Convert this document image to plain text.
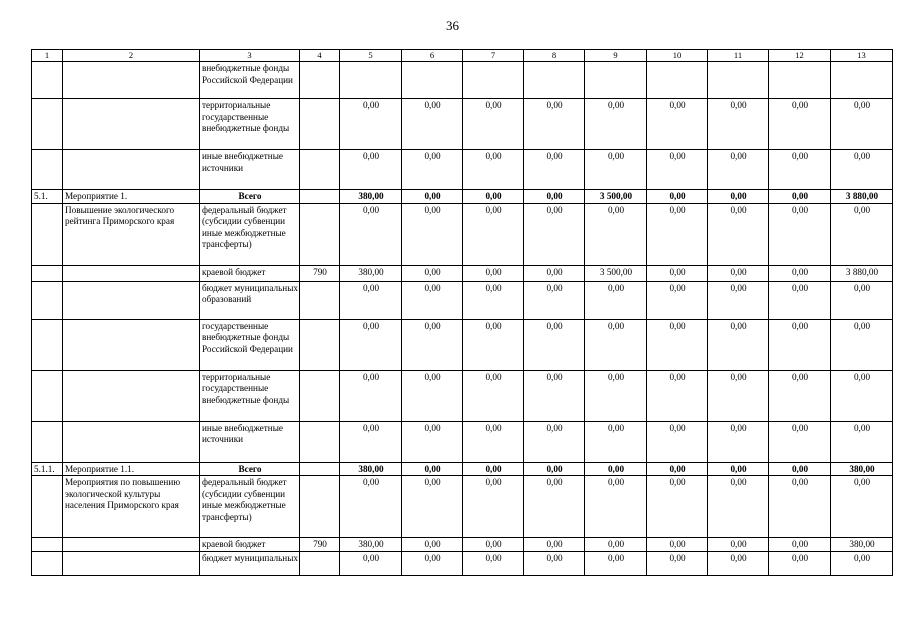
36
1	2	3	4	5	6	7	8	9	10	11	12	13
		внебюджетные фонды Российской Федерации										
		территориальные государственные внебюджетные фонды		0,00	0,00	0,00	0,00	0,00	0,00	0,00	0,00	0,00
		иные внебюджетные источники		0,00	0,00	0,00	0,00	0,00	0,00	0,00	0,00	0,00
5.1.	Мероприятие 1.	Всего		380,00	0,00	0,00	0,00	3 500,00	0,00	0,00	0,00	3 880,00
	Повышение экологического рейтинга Приморского края	федеральный бюджет (субсидии субвенции иные межбюджетные трансферты)		0,00	0,00	0,00	0,00	0,00	0,00	0,00	0,00	0,00
		краевой бюджет	790	380,00	0,00	0,00	0,00	3 500,00	0,00	0,00	0,00	3 880,00
		бюджет муниципальных образований		0,00	0,00	0,00	0,00	0,00	0,00	0,00	0,00	0,00
		государственные внебюджетные фонды Российской Федерации		0,00	0,00	0,00	0,00	0,00	0,00	0,00	0,00	0,00
		территориальные государственные внебюджетные фонды		0,00	0,00	0,00	0,00	0,00	0,00	0,00	0,00	0,00
		иные внебюджетные источники		0,00	0,00	0,00	0,00	0,00	0,00	0,00	0,00	0,00
5.1.1.	Мероприятие 1.1.	Всего		380,00	0,00	0,00	0,00	0,00	0,00	0,00	0,00	380,00
	Мероприятия по повышению экологической культуры населения Приморского края	федеральный бюджет (субсидии субвенции иные межбюджетные трансферты)		0,00	0,00	0,00	0,00	0,00	0,00	0,00	0,00	0,00
		краевой бюджет	790	380,00	0,00	0,00	0,00	0,00	0,00	0,00	0,00	380,00
		бюджет муниципальных		0,00	0,00	0,00	0,00	0,00	0,00	0,00	0,00	0,00
